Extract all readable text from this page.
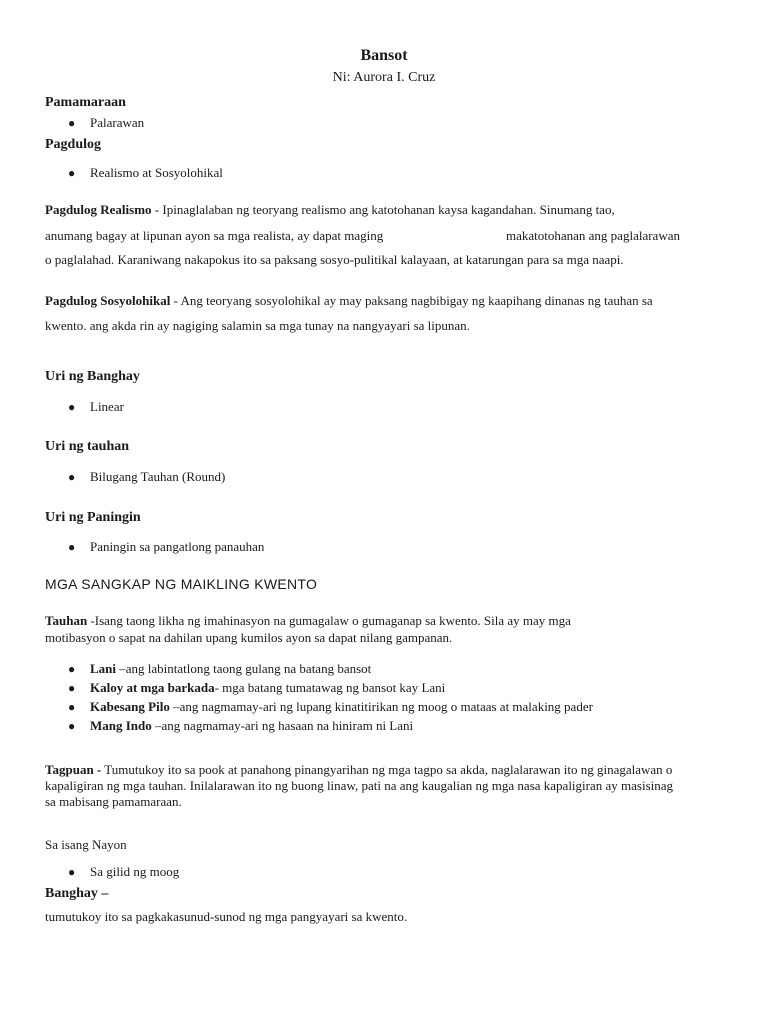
Bansot
Ni: Aurora I. Cruz
Pamamaraan
● Palarawan
Pagdulog
● Realismo at Sosyolohikal
Pagdulog Realismo - Ipinaglalaban ng teoryang realismo ang katotohanan kaysa kagandahan. Sinumang tao,
anumang bagay at lipunan ayon sa mga realista, ay dapat maging	makatotohanan ang paglalarawan
o paglalahad. Karaniwang nakapokus ito sa paksang sosyo-pulitikal kalayaan, at katarungan para sa mga naapi.
Pagdulog Sosyolohikal - Ang teoryang sosyolohikal ay may paksang nagbibigay ng kaapihang dinanas ng tauhan sa
kwento. ang akda rin ay nagiging salamin sa mga tunay na nangyayari sa lipunan.
Uri ng Banghay
● Linear
Uri ng tauhan
● Bilugang Tauhan (Round)
Uri ng Paningin
● Paningin sa pangatlong panauhan
MGA SANGKAP NG MAIKLING KWENTO
Tauhan -Isang taong likha ng imahinasyon na gumagalaw o gumaganap sa kwento. Sila ay may mga
motibasyon o sapat na dahilan upang kumilos ayon sa dapat nilang gampanan.
● Lani –ang labintatlong taong gulang na batang bansot
● Kaloy at mga barkada- mga batang tumatawag ng bansot kay Lani
● Kabesang Pilo –ang nagmamay-ari ng lupang kinatitirikan ng moog o mataas at malaking pader
● Mang Indo –ang nagmamay-ari ng hasaan na hiniram ni Lani
Tagpuan - Tumutukoy ito sa pook at panahong pinangyarihan ng mga tagpo sa akda, naglalarawan ito ng ginagalawan o
kapaligiran ng mga tauhan. Inilalarawan ito ng buong linaw, pati na ang kaugalian ng mga nasa kapaligiran ay masisinag
sa mabisang pamamaraan.
Sa isang Nayon
● Sa gilid ng moog
Banghay –
tumutukoy ito sa pagkakasunud-sunod ng mga pangyayari sa kwento.
